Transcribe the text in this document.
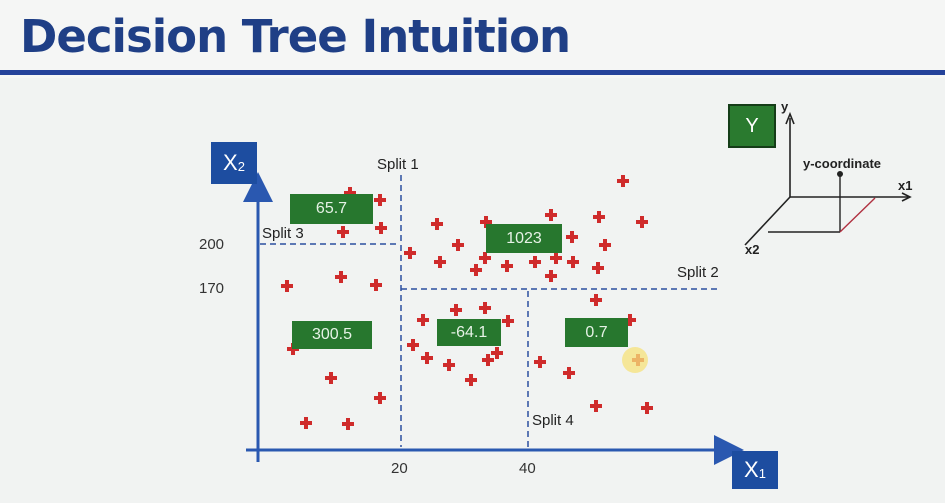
Decision Tree Intuition
X 2
X 1
20	40
200
170
Split 1
Split 2
Split 3
Split 4
65.7
1023
300.5	-64.1	0.7
Y
y
y-coordinate
x1
x2
